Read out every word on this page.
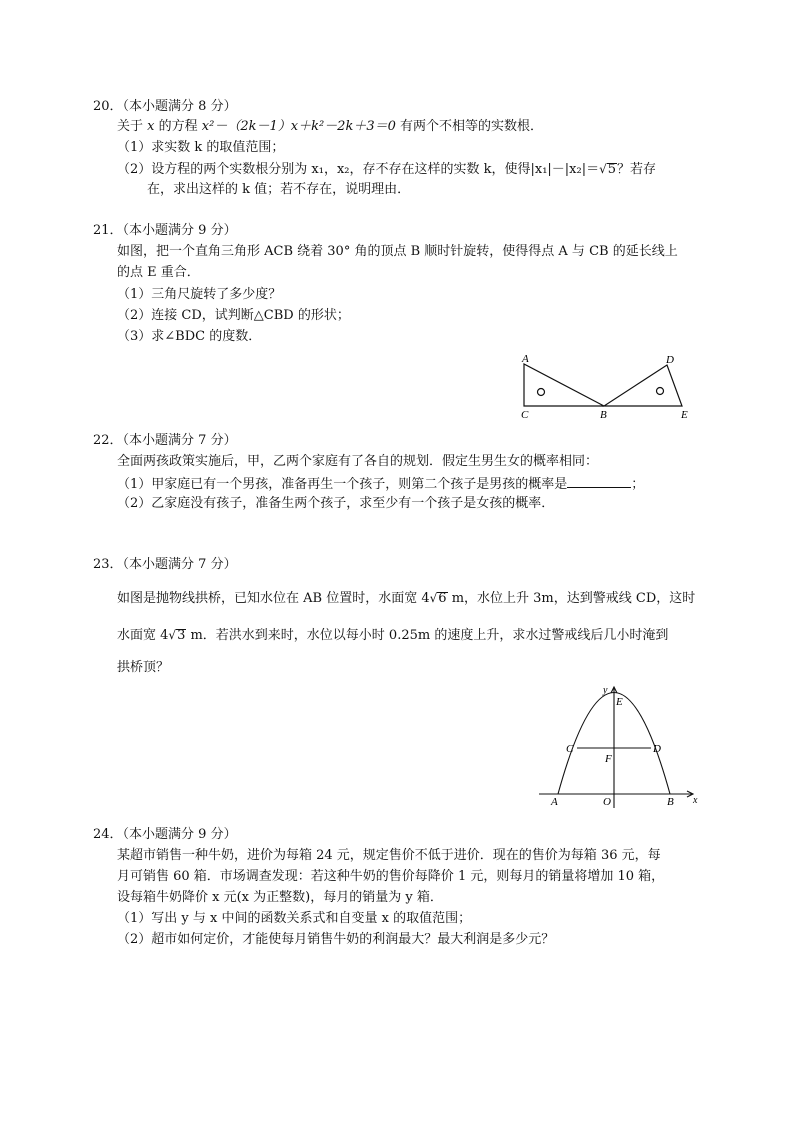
20．（本小题满分 8 分）
关于 x 的方程 x²－（2k－1）x＋k²－2k＋3＝0 有两个不相等的实数根．
（1）求实数 k 的取值范围；
（2）设方程的两个实数根分别为 x₁，x₂，存不存在这样的实数 k，使得|x₁|－|x₂|＝√5？若存
在，求出这样的 k 值；若不存在，说明理由．
21．（本小题满分 9 分）
如图，把一个直角三角形 ACB 绕着 30° 角的顶点 B 顺时针旋转，使得得点 A 与 CB 的延长线上
的点 E 重合．
（1）三角尺旋转了多少度？
（2）连接 CD，试判断△CBD 的形状；
（3）求∠BDC 的度数．
A
C	B
D
E
22．（本小题满分 7 分）
全面两孩政策实施后，甲，乙两个家庭有了各自的规划．假定生男生女的概率相同：
（1）甲家庭已有一个男孩，准备再生一个孩子，则第二个孩子是男孩的概率是	；
（2）乙家庭没有孩子，准备生两个孩子，求至少有一个孩子是女孩的概率．
23．（本小题满分 7 分）
如图是抛物线拱桥，已知水位在 AB 位置时，水面宽 4√6 m，水位上升 3m，达到警戒线 CD，这时
水面宽 4√3 m．若洪水到来时，水位以每小时 0.25m 的速度上升，求水过警戒线后几小时淹到
拱桥顶？
y
x
E
C	D
F
A	O	B
24．（本小题满分 9 分）
某超市销售一种牛奶，进价为每箱 24 元，规定售价不低于进价．现在的售价为每箱 36 元，每
月可销售 60 箱．市场调查发现：若这种牛奶的售价每降价 1 元，则每月的销量将增加 10 箱，
设每箱牛奶降价 x 元(x 为正整数)，每月的销量为 y 箱．
（1）写出 y 与 x 中间的函数关系式和自变量 x 的取值范围；
（2）超市如何定价，才能使每月销售牛奶的利润最大？最大利润是多少元？
